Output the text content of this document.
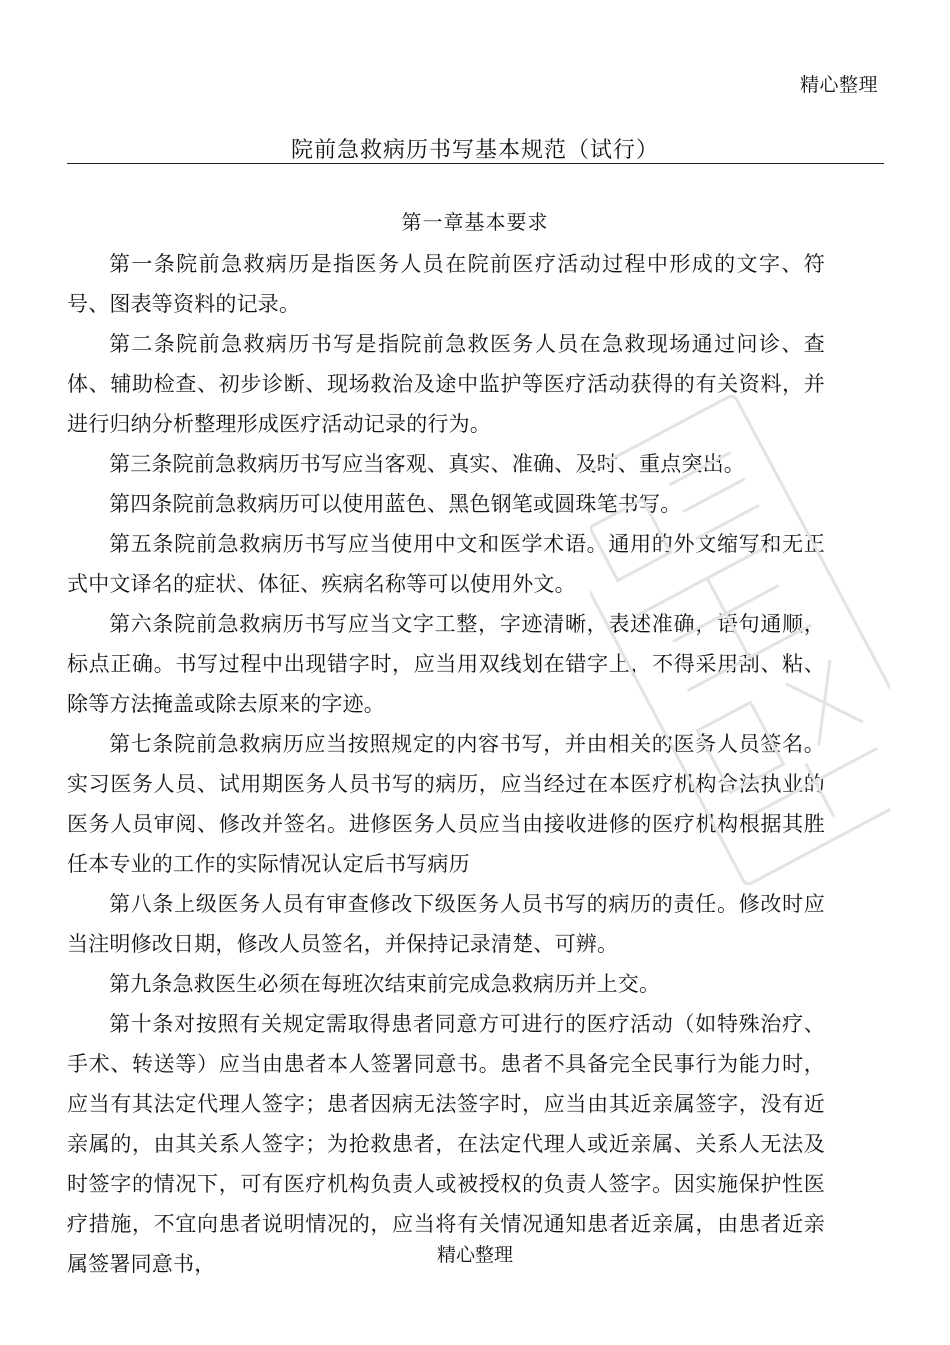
精心整理
院前急救病历书写基本规范（试行）
第一章基本要求

第一条院前急救病历是指医务人员在院前医疗活动过程中形成的文字、符号、图表等资料的记录。

第二条院前急救病历书写是指院前急救医务人员在急救现场通过问诊、查体、辅助检查、初步诊断、现场救治及途中监护等医疗活动获得的有关资料，并进行归纳分析整理形成医疗活动记录的行为。

第三条院前急救病历书写应当客观、真实、准确、及时、重点突出。

第四条院前急救病历可以使用蓝色、黑色钢笔或圆珠笔书写。

第五条院前急救病历书写应当使用中文和医学术语。通用的外文缩写和无正式中文译名的症状、体征、疾病名称等可以使用外文。

第六条院前急救病历书写应当文字工整，字迹清晰，表述准确，语句通顺，标点正确。书写过程中出现错字时，应当用双线划在错字上，不得采用刮、粘、除等方法掩盖或除去原来的字迹。

第七条院前急救病历应当按照规定的内容书写，并由相关的医务人员签名。实习医务人员、试用期医务人员书写的病历，应当经过在本医疗机构合法执业的医务人员审阅、修改并签名。进修医务人员应当由接收进修的医疗机构根据其胜任本专业的工作的实际情况认定后书写病历

第八条上级医务人员有审查修改下级医务人员书写的病历的责任。修改时应当注明修改日期，修改人员签名，并保持记录清楚、可辨。

第九条急救医生必须在每班次结束前完成急救病历并上交。

第十条对按照有关规定需取得患者同意方可进行的医疗活动（如特殊治疗、手术、转送等）应当由患者本人签署同意书。患者不具备完全民事行为能力时，应当有其法定代理人签字；患者因病无法签字时，应当由其近亲属签字，没有近亲属的，由其关系人签字；为抢救患者，在法定代理人或近亲属、关系人无法及时签字的情况下，可有医疗机构负责人或被授权的负责人签字。因实施保护性医疗措施，不宜向患者说明情况的，应当将有关情况通知患者近亲属，由患者近亲属签署同意书，	精心整理
